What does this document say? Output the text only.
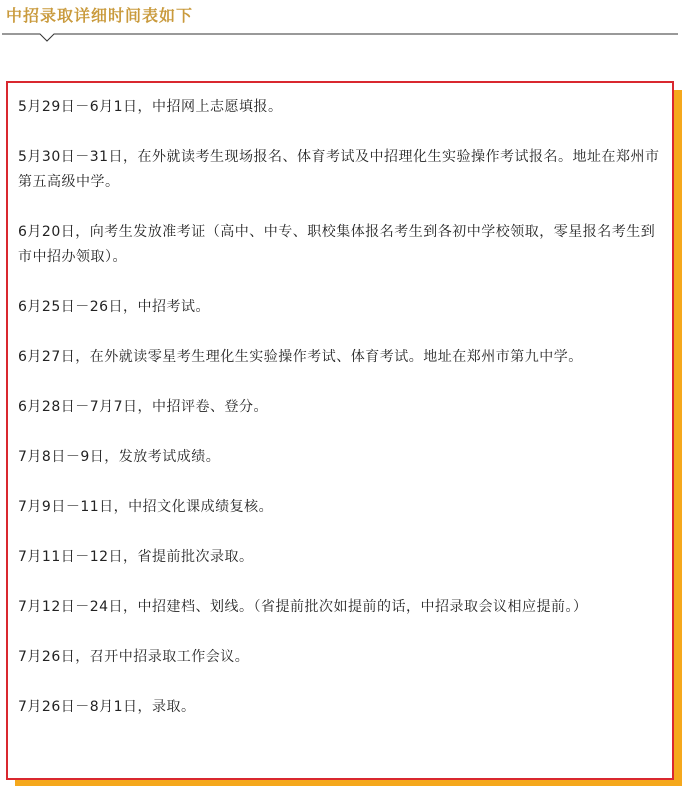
中招录取详细时间表如下
5月29日－6月1日，中招网上志愿填报。
5月30日－31日，在外就读考生现场报名、体育考试及中招理化生实验操作考试报名。地址在郑州市第五高级中学。
6月20日，向考生发放准考证（高中、中专、职校集体报名考生到各初中学校领取，零星报名考生到市中招办领取）。
6月25日－26日，中招考试。
6月27日，在外就读零星考生理化生实验操作考试、体育考试。地址在郑州市第九中学。
6月28日－7月7日，中招评卷、登分。
7月8日－9日，发放考试成绩。
7月9日－11日，中招文化课成绩复核。
7月11日－12日，省提前批次录取。
7月12日－24日，中招建档、划线。（省提前批次如提前的话，中招录取会议相应提前。）
7月26日，召开中招录取工作会议。
7月26日－8月1日，录取。
